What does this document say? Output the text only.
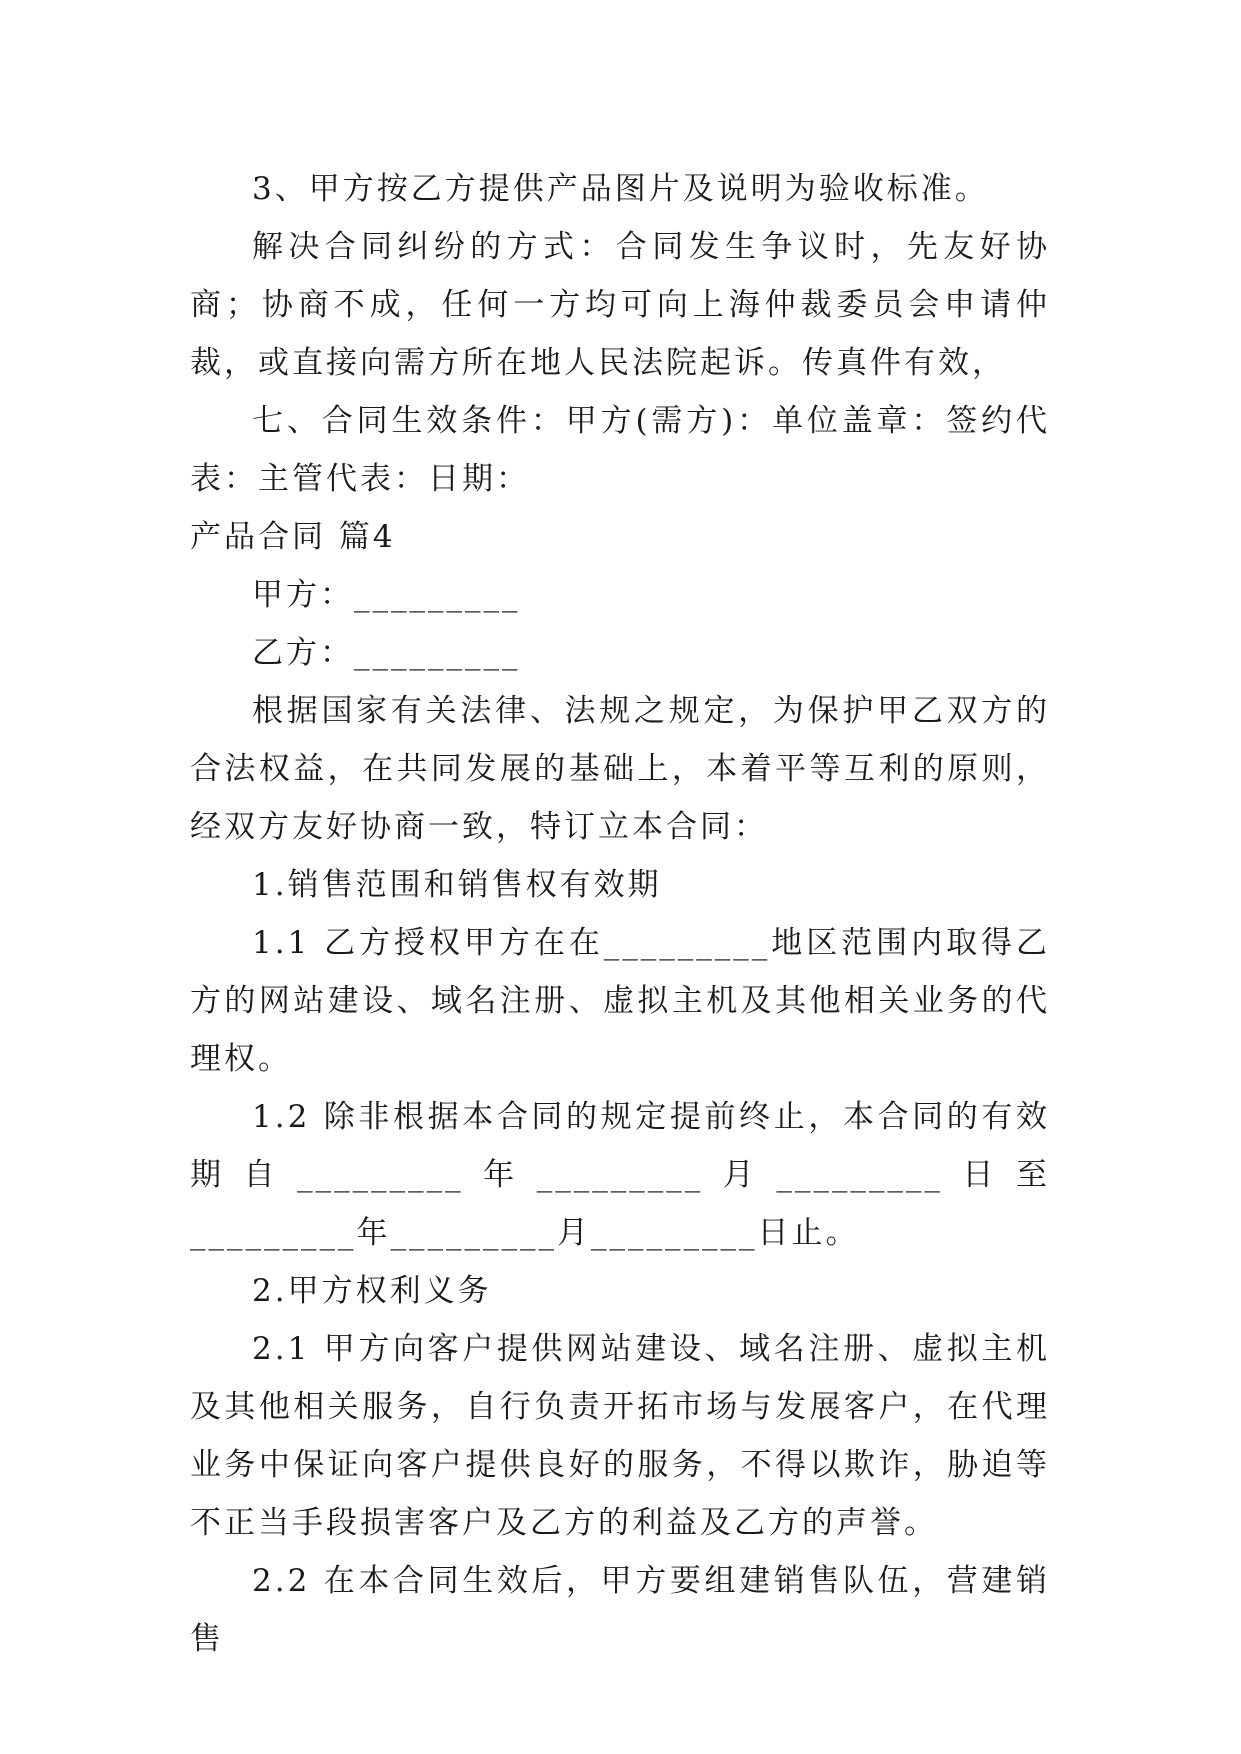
3、甲方按乙方提供产品图片及说明为验收标准。

解决合同纠纷的方式：合同发生争议时，先友好协商；协商不成，任何一方均可向上海仲裁委员会申请仲裁，或直接向需方所在地人民法院起诉。传真件有效，

七、合同生效条件：甲方(需方)：单位盖章：签约代表：主管代表：日期：

产品合同 篇4

甲方：_________

乙方：_________

根据国家有关法律、法规之规定，为保护甲乙双方的合法权益，在共同发展的基础上，本着平等互利的原则，经双方友好协商一致，特订立本合同：

1.销售范围和销售权有效期

1.1 乙方授权甲方在在_________地区范围内取得乙方的网站建设、域名注册、虚拟主机及其他相关业务的代理权。

1.2 除非根据本合同的规定提前终止，本合同的有效期自_________年_________月_________日至_________年_________月_________日止。

2.甲方权利义务

2.1 甲方向客户提供网站建设、域名注册、虚拟主机及其他相关服务，自行负责开拓市场与发展客户，在代理业务中保证向客户提供良好的服务，不得以欺诈，胁迫等不正当手段损害客户及乙方的利益及乙方的声誉。

2.2 在本合同生效后，甲方要组建销售队伍，营建销售
